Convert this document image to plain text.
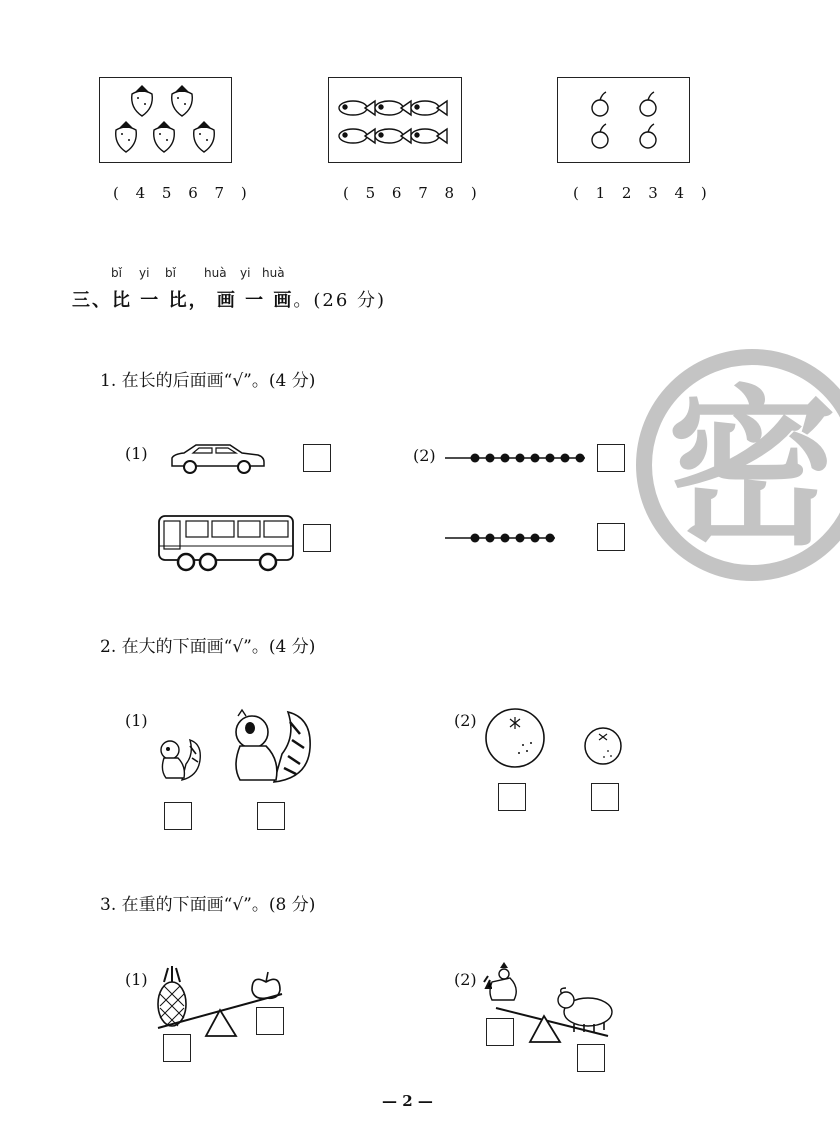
( 4 5 6 7 )	( 5 6 7 8 )	( 1 2 3 4 )
bǐ yi bǐ huà yi huà
三、比 一 比， 画 一 画。(26 分)
密
1. 在长的后面画“√”。(4 分)
(1)	(2)
2. 在大的下面画“√”。(4 分)
(1)	(2)
3. 在重的下面画“√”。(8 分)
(1)	(2)
— 2 —
